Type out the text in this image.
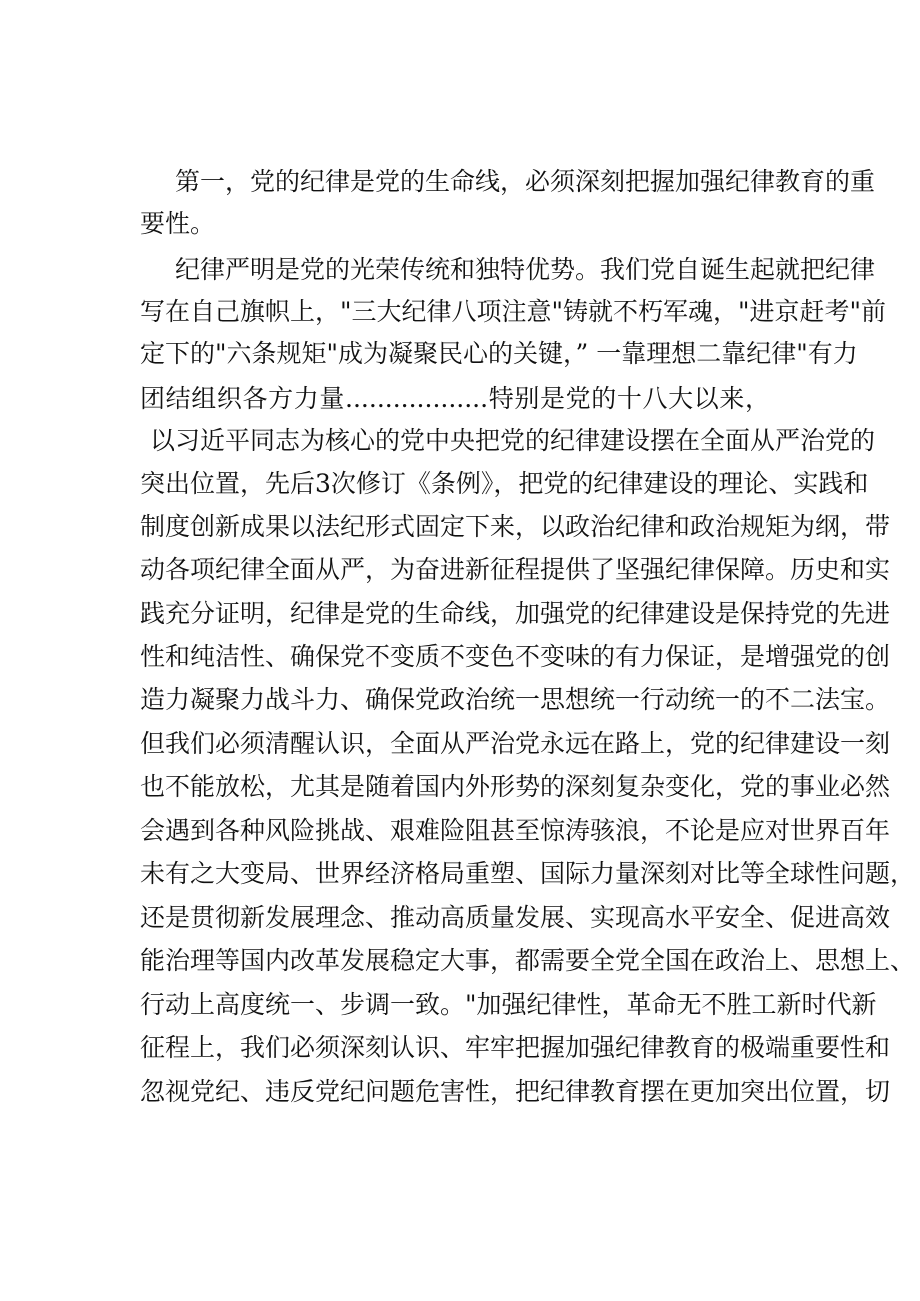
第一，党的纪律是党的生命线，必须深刻把握加强纪律教育的重
要性。
纪律严明是党的光荣传统和独特优势。我们党自诞生起就把纪律
写在自己旗帜上，"三大纪律八项注意"铸就不朽军魂，"进京赶考"前
定下的"六条规矩"成为凝聚民心的关键，” 一靠理想二靠纪律"有力
团结组织各方力量..................特别是党的十八大以来，
以习近平同志为核心的党中央把党的纪律建设摆在全面从严治党的
突出位置，先后3次修订《条例》，把党的纪律建设的理论、实践和
制度创新成果以法纪形式固定下来，以政治纪律和政治规矩为纲，带
动各项纪律全面从严，为奋进新征程提供了坚强纪律保障。历史和实
践充分证明，纪律是党的生命线，加强党的纪律建设是保持党的先进
性和纯洁性、确保党不变质不变色不变味的有力保证，是增强党的创
造力凝聚力战斗力、确保党政治统一思想统一行动统一的不二法宝。
但我们必须清醒认识，全面从严治党永远在路上，党的纪律建设一刻
也不能放松，尤其是随着国内外形势的深刻复杂变化，党的事业必然
会遇到各种风险挑战、艰难险阻甚至惊涛骇浪，不论是应对世界百年
未有之大变局、世界经济格局重塑、国际力量深刻对比等全球性问题，
还是贯彻新发展理念、推动高质量发展、实现高水平安全、促进高效
能治理等国内改革发展稳定大事，都需要全党全国在政治上、思想上、
行动上高度统一、步调一致。"加强纪律性，革命无不胜工新时代新
征程上，我们必须深刻认识、牢牢把握加强纪律教育的极端重要性和
忽视党纪、违反党纪问题危害性，把纪律教育摆在更加突出位置，切
